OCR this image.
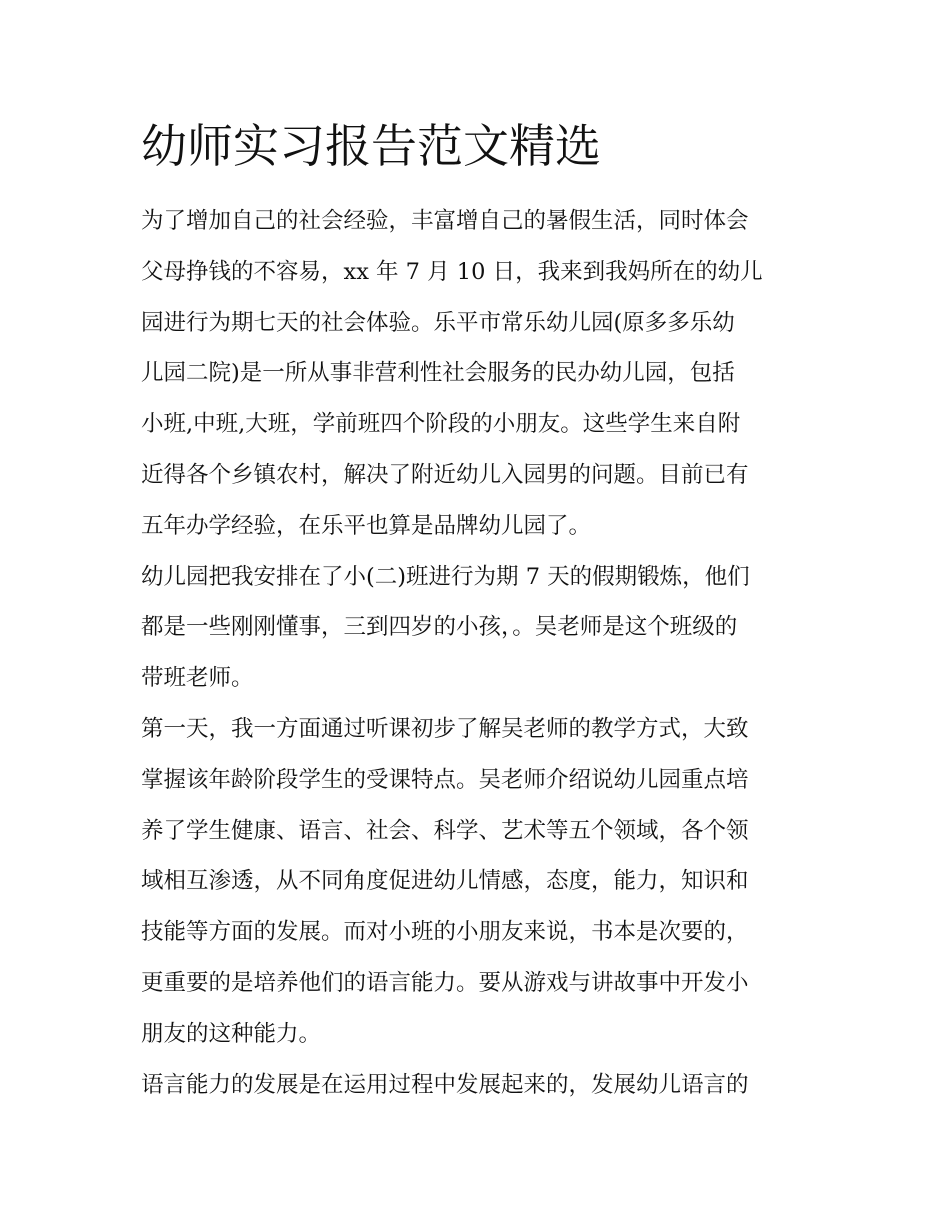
幼师实习报告范文精选
为了增加自己的社会经验，丰富增自己的暑假生活，同时体会
父母挣钱的不容易，xx 年 7 月 10 日，我来到我妈所在的幼儿
园进行为期七天的社会体验。乐平市常乐幼儿园(原多多乐幼
儿园二院)是一所从事非营利性社会服务的民办幼儿园，包括
小班,中班,大班，学前班四个阶段的小朋友。这些学生来自附
近得各个乡镇农村，解决了附近幼儿入园男的问题。目前已有
五年办学经验，在乐平也算是品牌幼儿园了。
幼儿园把我安排在了小(二)班进行为期 7 天的假期锻炼，他们
都是一些刚刚懂事，三到四岁的小孩，。吴老师是这个班级的
带班老师。
第一天，我一方面通过听课初步了解吴老师的教学方式，大致
掌握该年龄阶段学生的受课特点。吴老师介绍说幼儿园重点培
养了学生健康、语言、社会、科学、艺术等五个领域，各个领
域相互渗透，从不同角度促进幼儿情感，态度，能力，知识和
技能等方面的发展。而对小班的小朋友来说，书本是次要的，
更重要的是培养他们的语言能力。要从游戏与讲故事中开发小
朋友的这种能力。
语言能力的发展是在运用过程中发展起来的，发展幼儿语言的
